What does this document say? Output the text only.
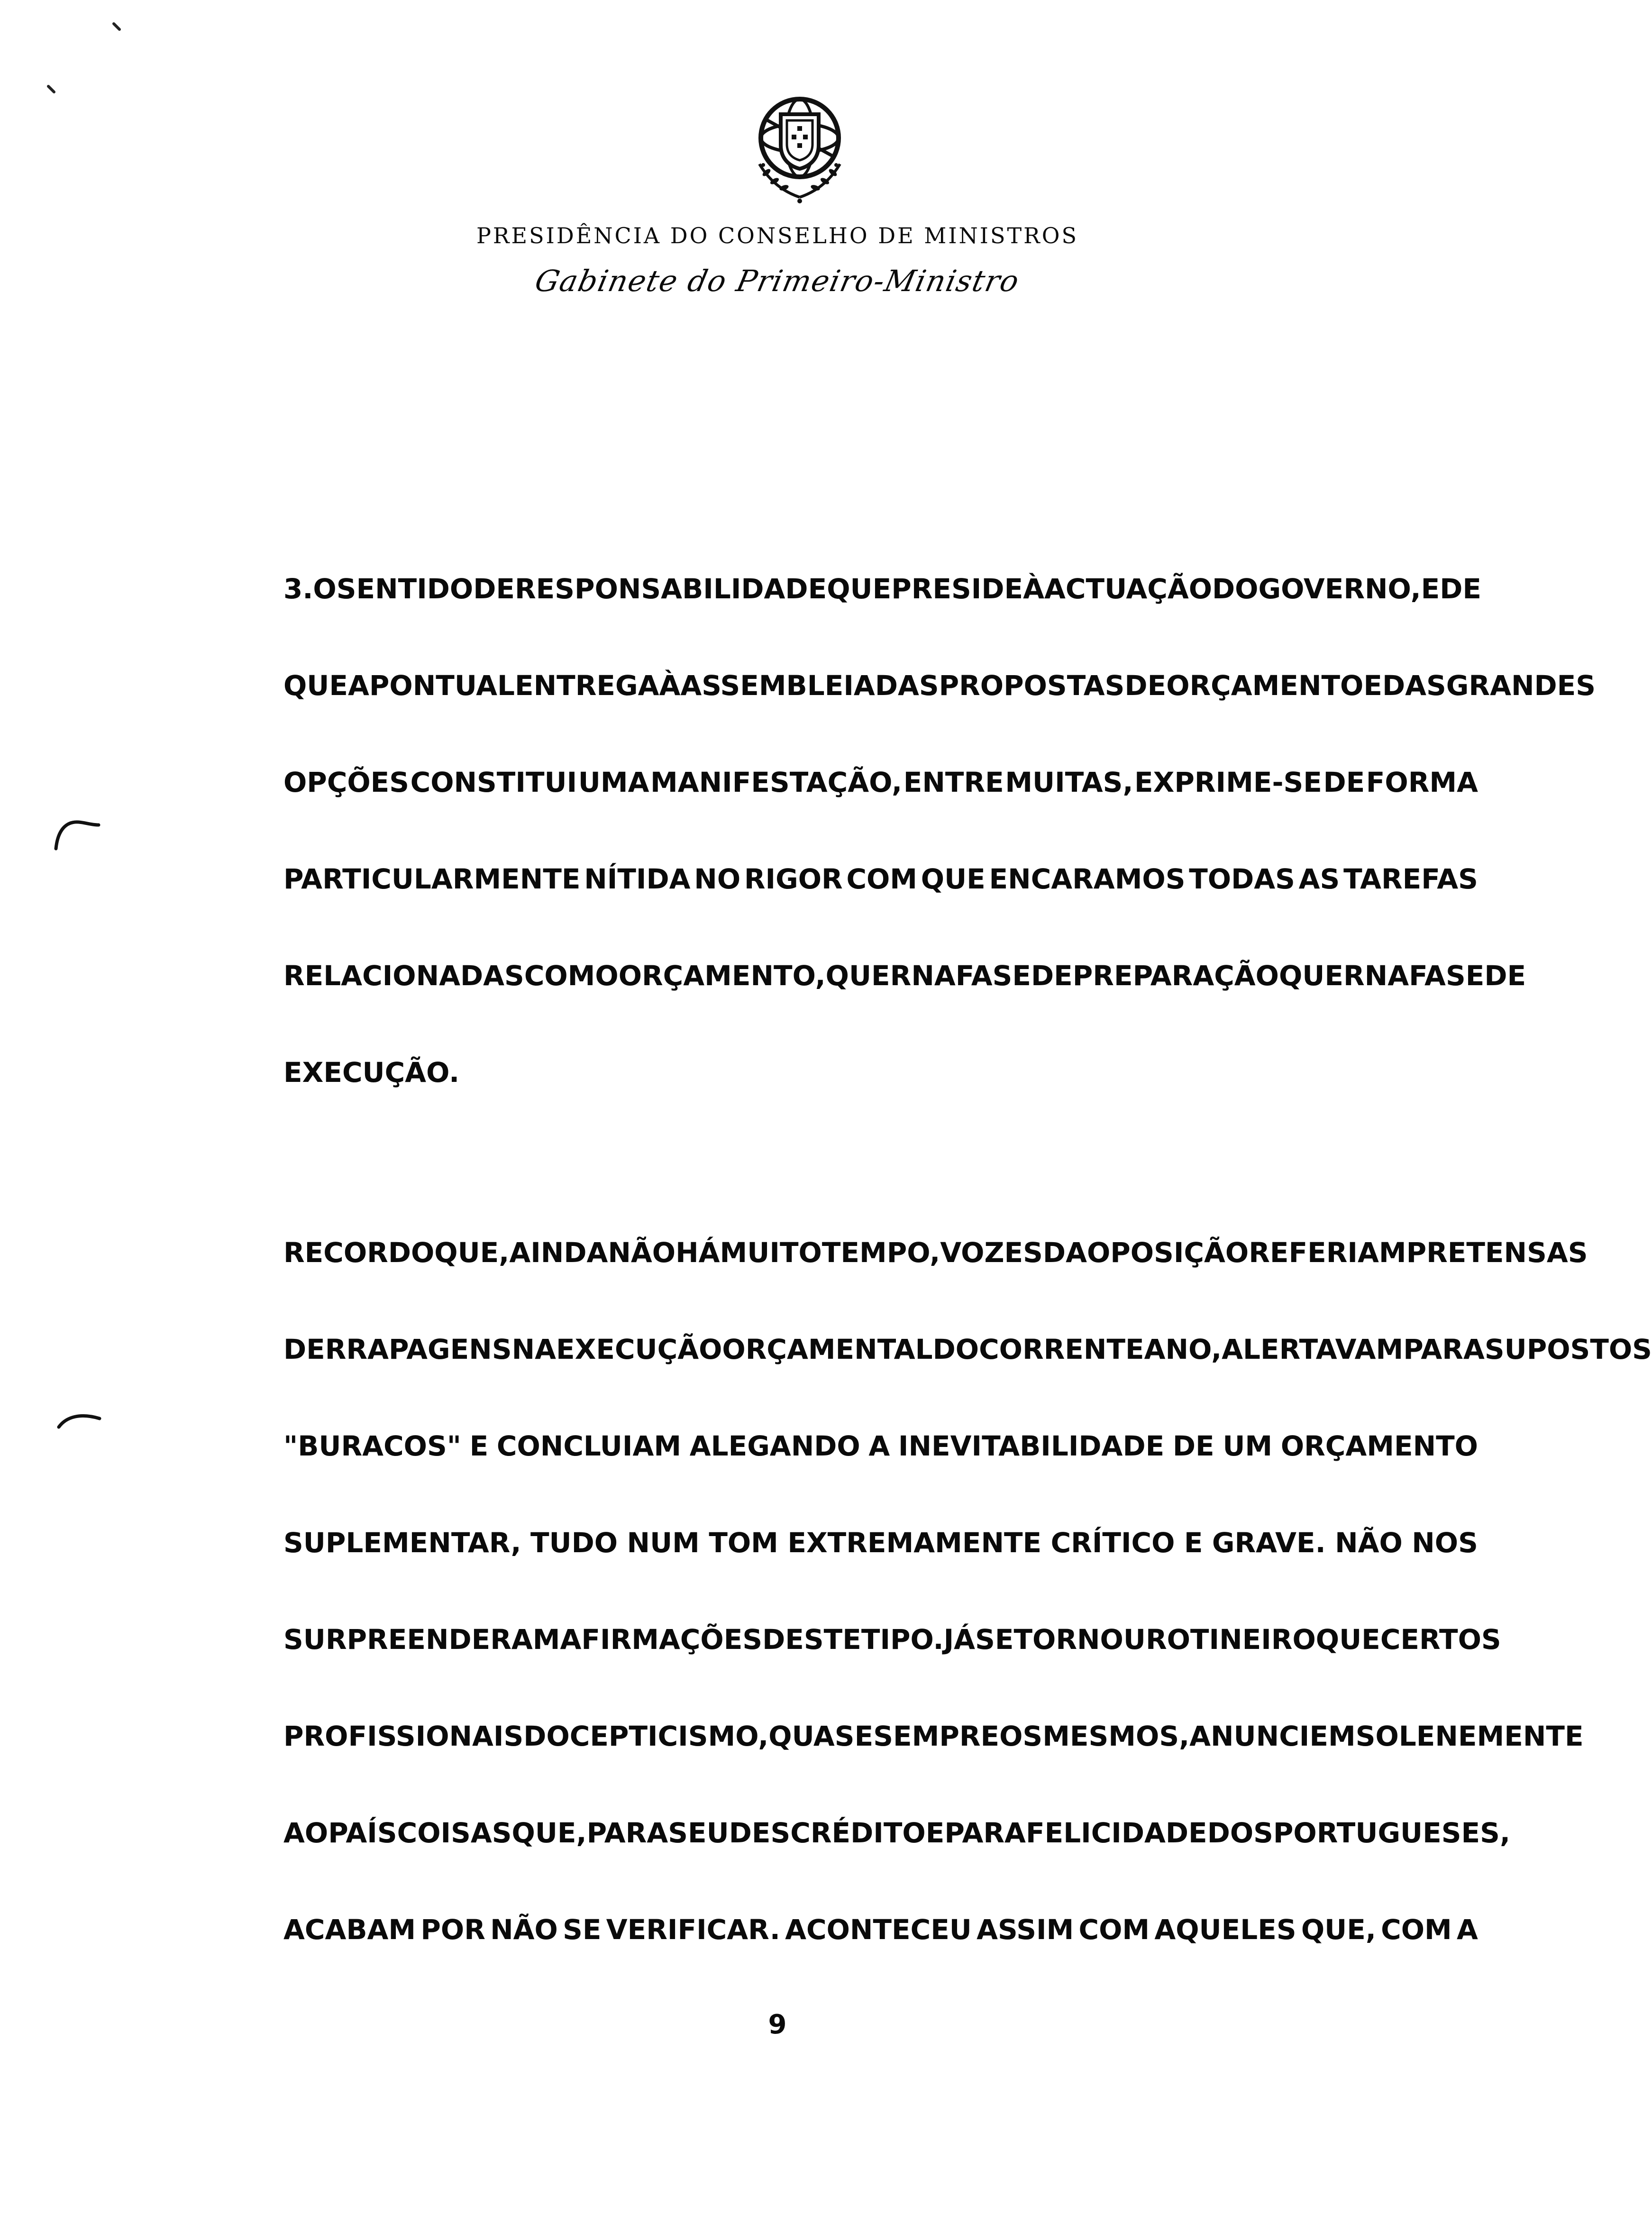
PRESIDÊNCIA DO CONSELHO DE MINISTROS
Gabinete do Primeiro-Ministro
3. O SENTIDO DE RESPONSABILIDADE QUE PRESIDE À ACTUAÇÃO DO GOVERNO, E DE
QUE A PONTUAL ENTREGA À ASSEMBLEIA DAS PROPOSTAS DE ORÇAMENTO E DAS GRANDES
OPÇÕES CONSTITUI UMA MANIFESTAÇÃO, ENTRE MUITAS, EXPRIME-SE DE FORMA
PARTICULARMENTE NÍTIDA NO RIGOR COM QUE ENCARAMOS TODAS AS TAREFAS
RELACIONADAS COM O ORÇAMENTO, QUER NA FASE DE PREPARAÇÃO QUER NA FASE DE
EXECUÇÃO.
RECORDO QUE, AINDA NÃO HÁ MUITO TEMPO, VOZES DA OPOSIÇÃO REFERIAM PRETENSAS
DERRAPAGENS NA EXECUÇÃO ORÇAMENTAL DO CORRENTE ANO, ALERTAVAM PARA SUPOSTOS
"BURACOS" E CONCLUIAM ALEGANDO A INEVITABILIDADE DE UM ORÇAMENTO
SUPLEMENTAR, TUDO NUM TOM EXTREMAMENTE CRÍTICO E GRAVE. NÃO NOS
SURPREENDERAM AFIRMAÇÕES DESTE TIPO. JÁ SE TORNOU ROTINEIRO QUE CERTOS
PROFISSIONAIS DO CEPTICISMO, QUASE SEMPRE OS MESMOS, ANUNCIEM SOLENEMENTE
AO PAÍS COISAS QUE, PARA SEU DESCRÉDITO E PARA FELICIDADE DOS PORTUGUESES,
ACABAM POR NÃO SE VERIFICAR. ACONTECEU ASSIM COM AQUELES QUE, COM A
9
